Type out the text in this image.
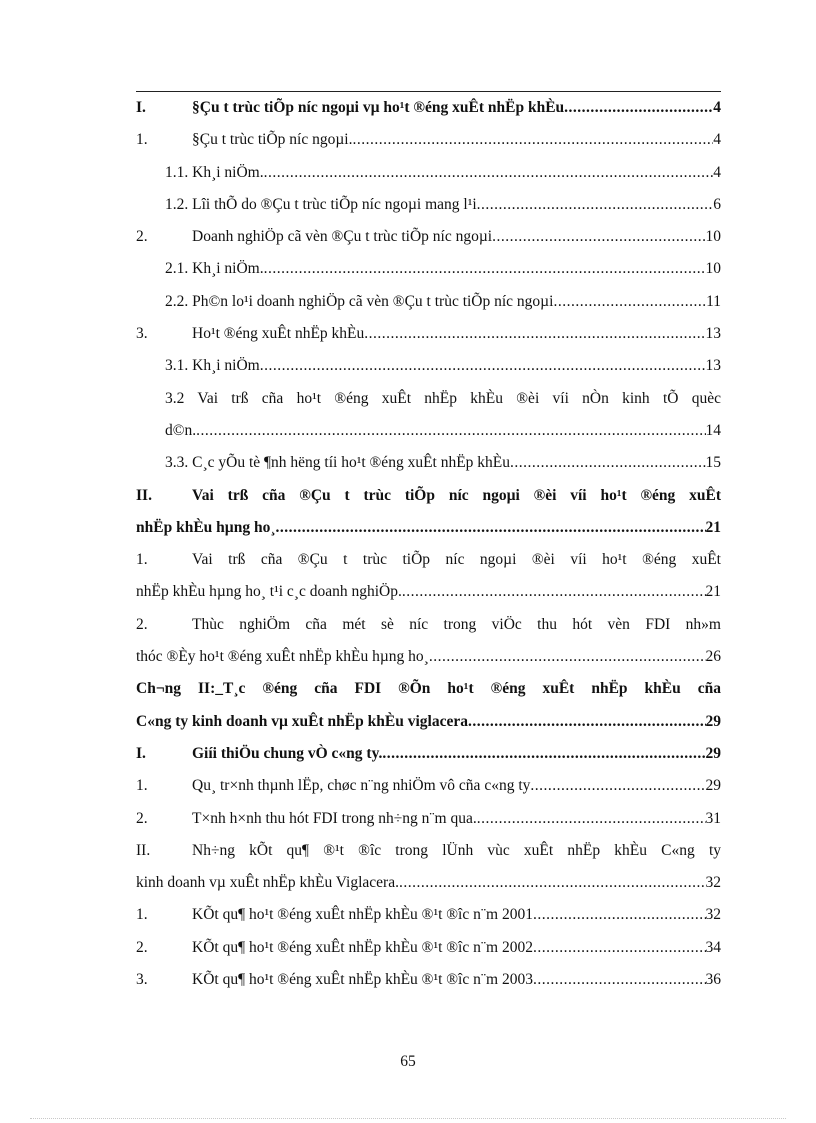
I.	§Çu t trùc tiÕp níc ngoµi vµ ho¹t ®éng xuÊt nhËp khÈu .....	4
1.	§Çu t trùc tiÕp níc ngoµi. .....	4
1.1. Kh¸i niÖm. .....	4
1.2. Lîi thÕ do ®Çu t trùc tiÕp níc ngoµi mang l¹i .....	6
2.	Doanh nghiÖp cã vèn ®Çu t trùc tiÕp níc ngoµi .....	10
2.1. Kh¸i niÖm. .....	10
2.2. Ph©n lo¹i doanh nghiÖp cã vèn ®Çu t trùc tiÕp níc ngoµi .....	11
3.	Ho¹t ®éng xuÊt nhËp khÈu .....	13
3.1. Kh¸i niÖm .....	13
3.2 Vai trß cña ho¹t ®éng xuÊt nhËp khÈu ®èi víi nÒn kinh tÕ quèc
d©n. .....	14
3.3. C¸c yÕu tè ¶nh hëng tíi ho¹t ®éng xuÊt nhËp khÈu .....	15
II.	Vai trß cña ®Çu t trùc tiÕp níc ngoµi ®èi víi ho¹t ®éng xuÊt
nhËp khÈu hµng ho¸ .....	21
1.	Vai trß cña ®Çu t trùc tiÕp níc ngoµi ®èi víi ho¹t ®éng xuÊt
nhËp khÈu hµng ho¸ t¹i c¸c doanh nghiÖp. .....	21
2.	Thùc nghiÖm cña mét sè níc trong viÖc thu hót vèn FDI nh»m
thóc ®Èy ho¹t ®éng xuÊt nhËp khÈu hµng ho¸ .....	26
Ch¬ng II:_T¸c ®éng cña FDI ®Õn ho¹t ®éng xuÊt nhËp khÈu cña
C«ng ty kinh doanh vµ xuÊt nhËp khÈu viglacera .....	29
I.	Giíi thiÖu chung vÒ c«ng ty. .....	29
1.	Qu¸ tr×nh thµnh lËp, chøc n¨ng nhiÖm vô cña c«ng ty .....	29
2.	T×nh h×nh thu hót FDI trong nh÷ng n¨m qua. .....	31
II.	Nh÷ng kÕt qu¶ ®¹t ®îc trong lÜnh vùc xuÊt nhËp khÈu C«ng ty
kinh doanh vµ xuÊt nhËp khÈu Viglacera. .....	32
1.	KÕt qu¶ ho¹t ®éng xuÊt nhËp khÈu ®¹t ®îc n¨m 2001 .....	32
2.	KÕt qu¶ ho¹t ®éng xuÊt nhËp khÈu ®¹t ®îc n¨m 2002 .....	34
3.	KÕt qu¶ ho¹t ®éng xuÊt nhËp khÈu ®¹t ®îc n¨m 2003 .....	36
65
